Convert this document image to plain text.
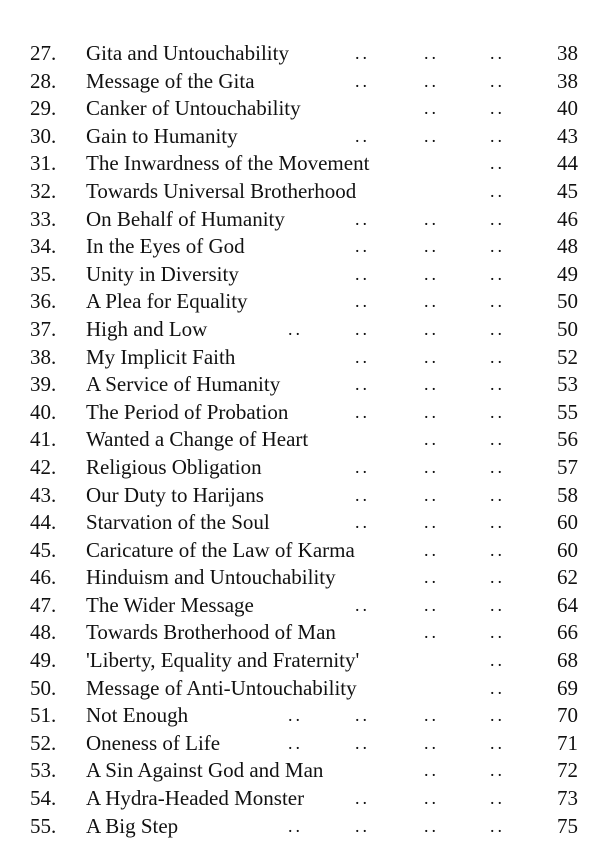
27. Gita and Untouchability	..	..	.. 38
28. Message of the Gita	..	..	.. 38
29. Canker of Untouchability	..	.. 40
30. Gain to Humanity	..	..	.. 43
31. The Inwardness of the Movement	.. 44
32. Towards Universal Brotherhood	.. 45
33. On Behalf of Humanity	..	..	.. 46
34. In the Eyes of God	..	..	.. 48
35. Unity in Diversity	..	..	.. 49
36. A Plea for Equality	..	..	.. 50
37. High and Low	..	..	..	.. 50
38. My Implicit Faith	..	..	.. 52
39. A Service of Humanity	..	..	.. 53
40. The Period of Probation	..	..	.. 55
41. Wanted a Change of Heart	..	.. 56
42. Religious Obligation	..	..	.. 57
43. Our Duty to Harijans	..	..	.. 58
44. Starvation of the Soul	..	..	.. 60
45. Caricature of the Law of Karma	..	.. 60
46. Hinduism and Untouchability	..	.. 62
47. The Wider Message	..	..	.. 64
48. Towards Brotherhood of Man	..	.. 66
49. 'Liberty, Equality and Fraternity'	.. 68
50. Message of Anti-Untouchability	.. 69
51. Not Enough	..	..	..	.. 70
52. Oneness of Life	..	..	..	.. 71
53. A Sin Against God and Man	..	.. 72
54. A Hydra-Headed Monster	..	..	.. 73
55. A Big Step	..	..	..	.. 75
